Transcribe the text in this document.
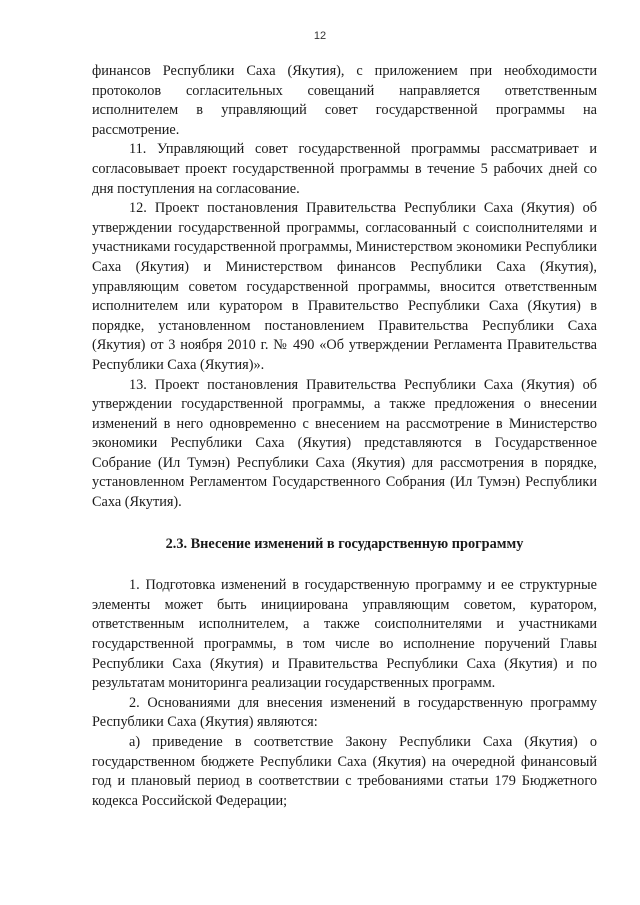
12

финансов Республики Саха (Якутия), с приложением при необходимости протоколов согласительных совещаний направляется ответственным исполнителем в управляющий совет государственной программы на рассмотрение.

11. Управляющий совет государственной программы рассматривает и согласовывает проект государственной программы в течение 5 рабочих дней со дня поступления на согласование.

12. Проект постановления Правительства Республики Саха (Якутия) об утверждении государственной программы, согласованный с соисполнителями и участниками государственной программы, Министерством экономики Республики Саха (Якутия) и Министерством финансов Республики Саха (Якутия), управляющим советом государственной программы, вносится ответственным исполнителем или куратором в Правительство Республики Саха (Якутия) в порядке, установленном постановлением Правительства Республики Саха (Якутия) от 3 ноября 2010 г. № 490 «Об утверждении Регламента Правительства Республики Саха (Якутия)».

13. Проект постановления Правительства Республики Саха (Якутия) об утверждении государственной программы, а также предложения о внесении изменений в него одновременно с внесением на рассмотрение в Министерство экономики Республики Саха (Якутия) представляются в Государственное Собрание (Ил Тумэн) Республики Саха (Якутия) для рассмотрения в порядке, установленном Регламентом Государственного Собрания (Ил Тумэн) Республики Саха (Якутия).

2.3. Внесение изменений в государственную программу

1. Подготовка изменений в государственную программу и ее структурные элементы может быть инициирована управляющим советом, куратором, ответственным исполнителем, а также соисполнителями и участниками государственной программы, в том числе во исполнение поручений Главы Республики Саха (Якутия) и Правительства Республики Саха (Якутия) и по результатам мониторинга реализации государственных программ.

2. Основаниями для внесения изменений в государственную программу Республики Саха (Якутия) являются:

а) приведение в соответствие Закону Республики Саха (Якутия) о государственном бюджете Республики Саха (Якутия) на очередной финансовый год и плановый период в соответствии с требованиями статьи 179 Бюджетного кодекса Российской Федерации;
